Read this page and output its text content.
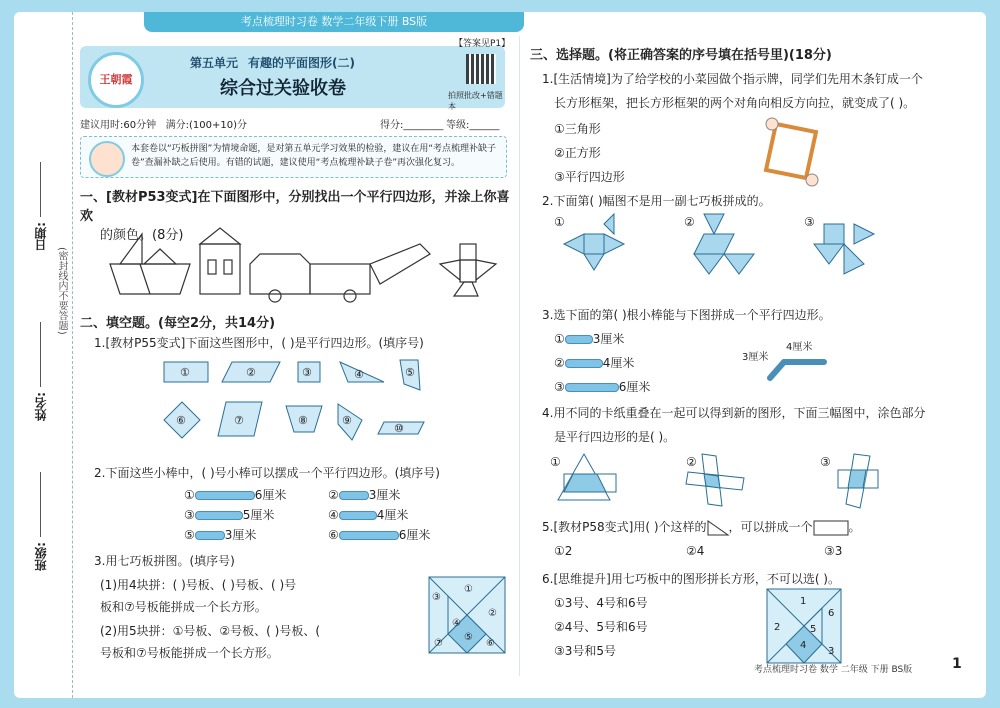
考点梳理时习卷 数学二年级下册 BS版
日期:
姓名:
班级:
(密封线内不要答题)
王朝霞
第五单元 有趣的平面图形(二)
综合过关验收卷	拍照批改+错题本
【答案见P1】
建议用时:60分钟 满分:(100+10)分	得分:________ 等级:______
本套卷以“巧板拼图”为情境命题，是对第五单元学习效果的检验，建议在用“考点梳理补缺子卷”查漏补缺之后使用。有错的试题，建议使用“考点梳理补缺子卷”再次强化复习。
一、[教材P53变式]在下面图形中，分别找出一个平行四边形，并涂上你喜欢
的颜色。(8分)
二、填空题。(每空2分，共14分)
1.[教材P55变式]下面这些图形中，( )是平行四边形。(填序号)
①	②	③	④	⑤
⑥	⑦	⑧	⑨
⑩
2.下面这些小棒中，( )号小棒可以摆成一个平行四边形。(填序号)
①	6厘米	②	3厘米
③	5厘米	④	4厘米
⑤	3厘米	⑥	6厘米
3.用七巧板拼图。(填序号)
(1)用4块拼：( )号板、( )号板、( )号
板和⑦号板能拼成一个长方形。
(2)用5块拼：①号板、②号板、( )号板、(
号板和⑦号板能拼成一个长方形。
①
②
③
④
⑤
⑥
⑦
三、选择题。(将正确答案的序号填在括号里)(18分)
1.[生活情境]为了给学校的小菜园做个指示牌，同学们先用木条钉成一个
长方形框架，把长方形框架的两个对角向相反方向拉，就变成了( )。
①三角形
②正方形
③平行四边形
2.下面第( )幅图不是用一副七巧板拼成的。
①	②	③
3.选下面的第( )根小棒能与下图拼成一个平行四边形。
① 3厘米
②	4厘米
③	6厘米
3厘米
4厘米
4.用不同的卡纸重叠在一起可以得到新的图形，下面三幅图中，涂色部分
是平行四边形的是( )。
①	②	③
5.[教材P58变式]用( )个这样的 ，可以拼成一个	。
①2	②4	③3
6.[思维提升]用七巧板中的图形拼长方形，不可以选( )。
①3号、4号和6号
②4号、5号和6号
③3号和5号
1
2
3
4
5
6
考点梳理时习卷 数学 二年级 下册 BS版	1
